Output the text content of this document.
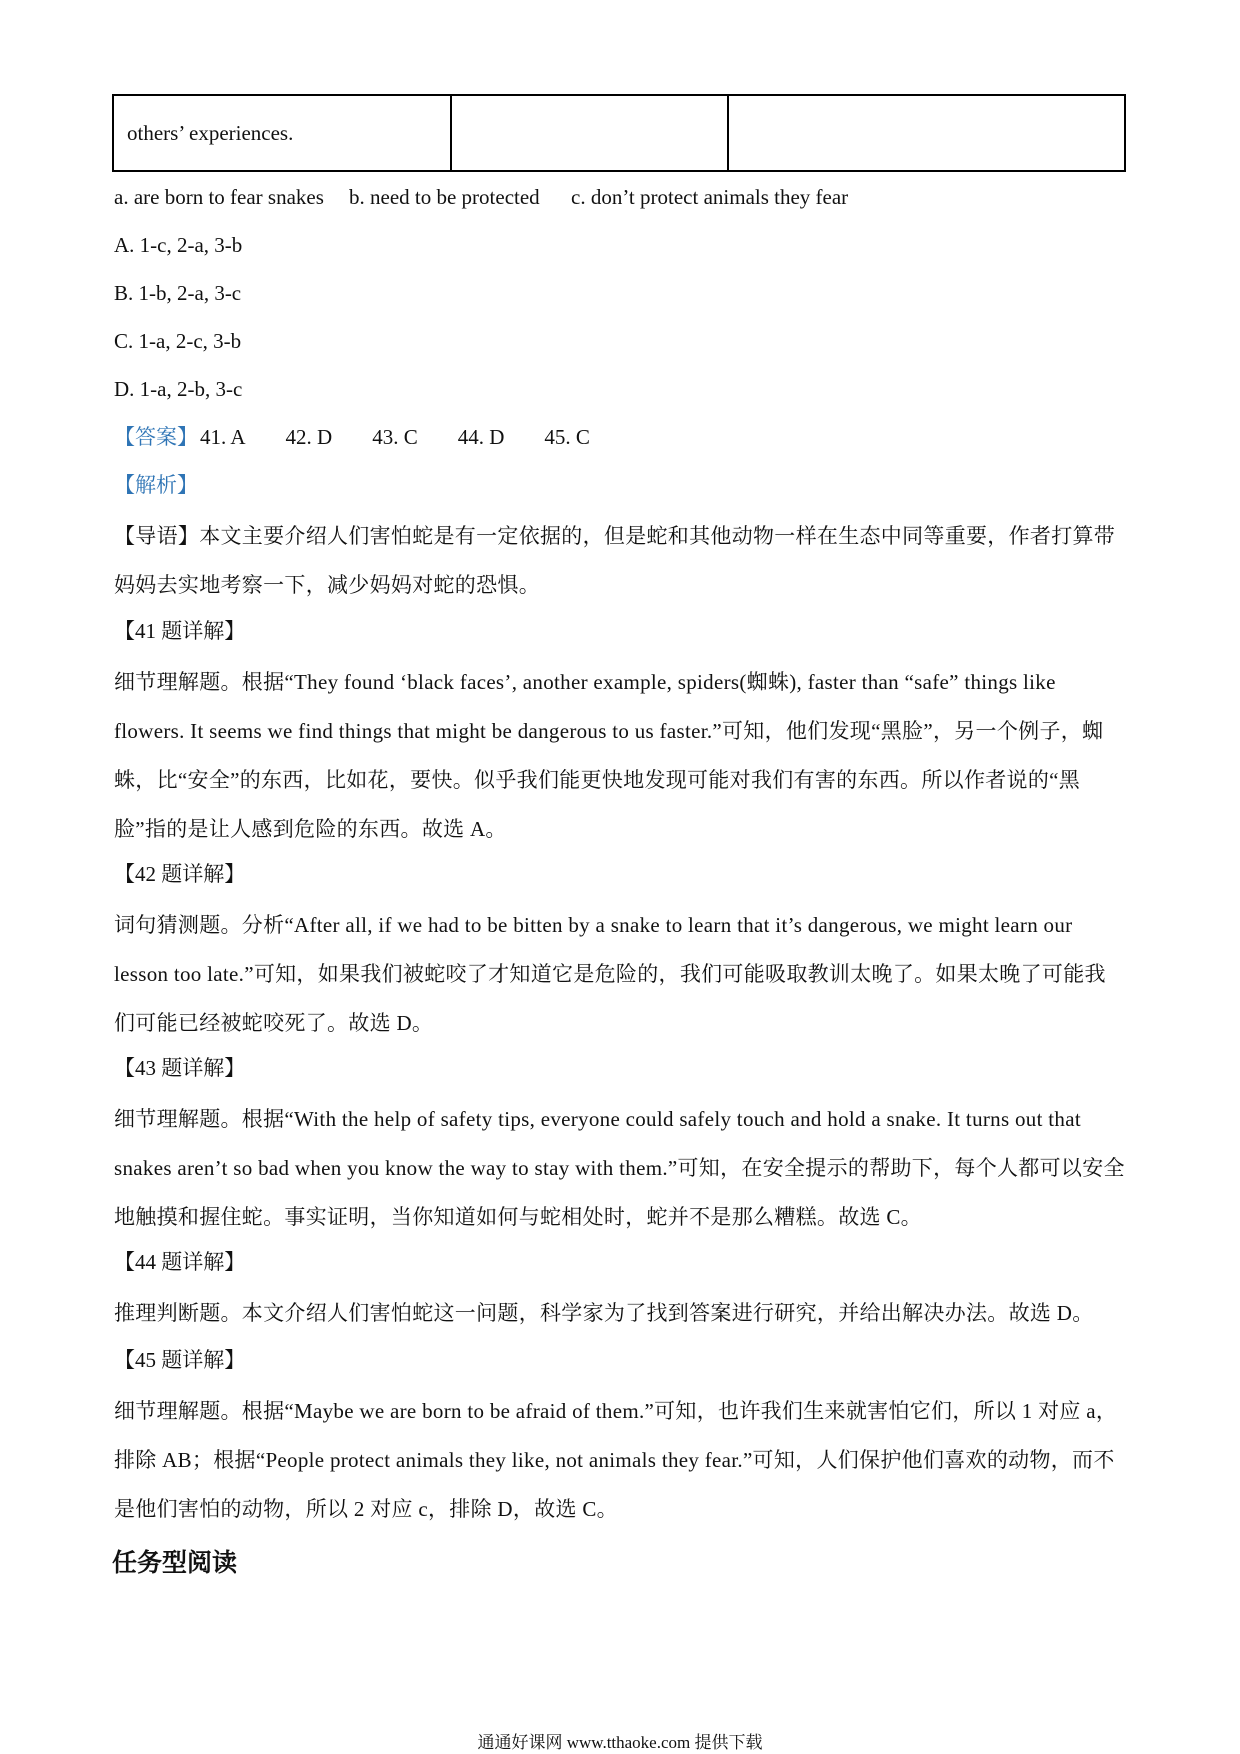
others’ experiences.		
a. are born to fear snakes b. need to be protected c. don’t protect animals they fear
A. 1-c, 2-a, 3-b
B. 1-b, 2-a, 3-c
C. 1-a, 2-c, 3-b
D. 1-a, 2-b, 3-c
【答案】41. A 42. D 43. C 44. D 45. C
【解析】
【导语】本文主要介绍人们害怕蛇是有一定依据的，但是蛇和其他动物一样在生态中同等重要，作者打算带妈妈去实地考察一下，减少妈妈对蛇的恐惧。
【41 题详解】
细节理解题。根据“They found ‘black faces’, another example, spiders(蜘蛛), faster than “safe” things like flowers. It seems we find things that might be dangerous to us faster.”可知，他们发现“黑脸”，另一个例子，蜘蛛，比“安全”的东西，比如花，要快。似乎我们能更快地发现可能对我们有害的东西。所以作者说的“黑脸”指的是让人感到危险的东西。故选 A。
【42 题详解】
词句猜测题。分析“After all, if we had to be bitten by a snake to learn that it’s dangerous, we might learn our lesson too late.”可知，如果我们被蛇咬了才知道它是危险的，我们可能吸取教训太晚了。如果太晚了可能我们可能已经被蛇咬死了。故选 D。
【43 题详解】
细节理解题。根据“With the help of safety tips, everyone could safely touch and hold a snake. It turns out that snakes aren’t so bad when you know the way to stay with them.”可知，在安全提示的帮助下，每个人都可以安全地触摸和握住蛇。事实证明，当你知道如何与蛇相处时，蛇并不是那么糟糕。故选 C。
【44 题详解】
推理判断题。本文介绍人们害怕蛇这一问题，科学家为了找到答案进行研究，并给出解决办法。故选 D。
【45 题详解】
细节理解题。根据“Maybe we are born to be afraid of them.”可知，也许我们生来就害怕它们，所以 1 对应 a，排除 AB；根据“People protect animals they like, not animals they fear.”可知，人们保护他们喜欢的动物，而不是他们害怕的动物，所以 2 对应 c，排除 D，故选 C。
任务型阅读
通通好课网 www.tthaoke.com 提供下载
